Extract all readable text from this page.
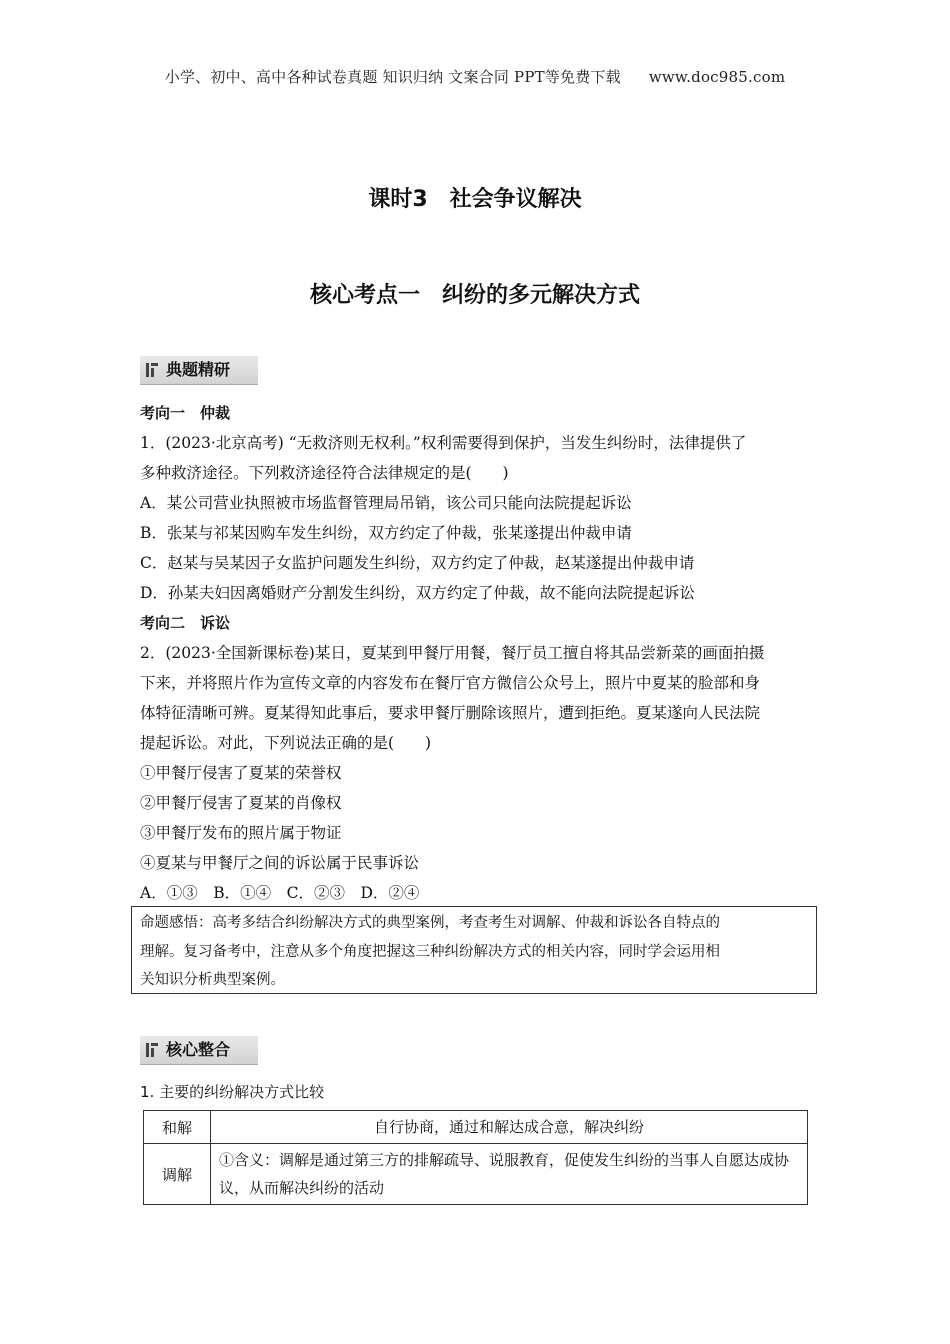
小学、初中、高中各种试卷真题 知识归纳 文案合同 PPT等免费下载 www.doc985.com
课时3　社会争议解决
核心考点一　纠纷的多元解决方式
典题精研
考向一　仲裁
1．(2023·北京高考) “无救济则无权利。”权利需要得到保护，当发生纠纷时，法律提供了
多种救济途径。下列救济途径符合法律规定的是(　　)
A．某公司营业执照被市场监督管理局吊销，该公司只能向法院提起诉讼
B．张某与祁某因购车发生纠纷，双方约定了仲裁，张某遂提出仲裁申请
C．赵某与吴某因子女监护问题发生纠纷，双方约定了仲裁，赵某遂提出仲裁申请
D．孙某夫妇因离婚财产分割发生纠纷，双方约定了仲裁，故不能向法院提起诉讼
考向二　诉讼
2．(2023·全国新课标卷)某日，夏某到甲餐厅用餐，餐厅员工擅自将其品尝新菜的画面拍摄
下来，并将照片作为宣传文章的内容发布在餐厅官方微信公众号上，照片中夏某的脸部和身
体特征清晰可辨。夏某得知此事后，要求甲餐厅删除该照片，遭到拒绝。夏某遂向人民法院
提起诉讼。对此，下列说法正确的是(　　)
①甲餐厅侵害了夏某的荣誉权
②甲餐厅侵害了夏某的肖像权
③甲餐厅发布的照片属于物证
④夏某与甲餐厅之间的诉讼属于民事诉讼
A．①③　B．①④　C．②③　D．②④
命题感悟：高考多结合纠纷解决方式的典型案例，考查考生对调解、仲裁和诉讼各自特点的
理解。复习备考中，注意从多个角度把握这三种纠纷解决方式的相关内容，同时学会运用相
关知识分析典型案例。
核心整合
1. 主要的纠纷解决方式比较
和解	自行协商，通过和解达成合意，解决纠纷
调解	①含义：调解是通过第三方的排解疏导、说服教育，促使发生纠纷的当事人自愿达成协议，从而解决纠纷的活动
